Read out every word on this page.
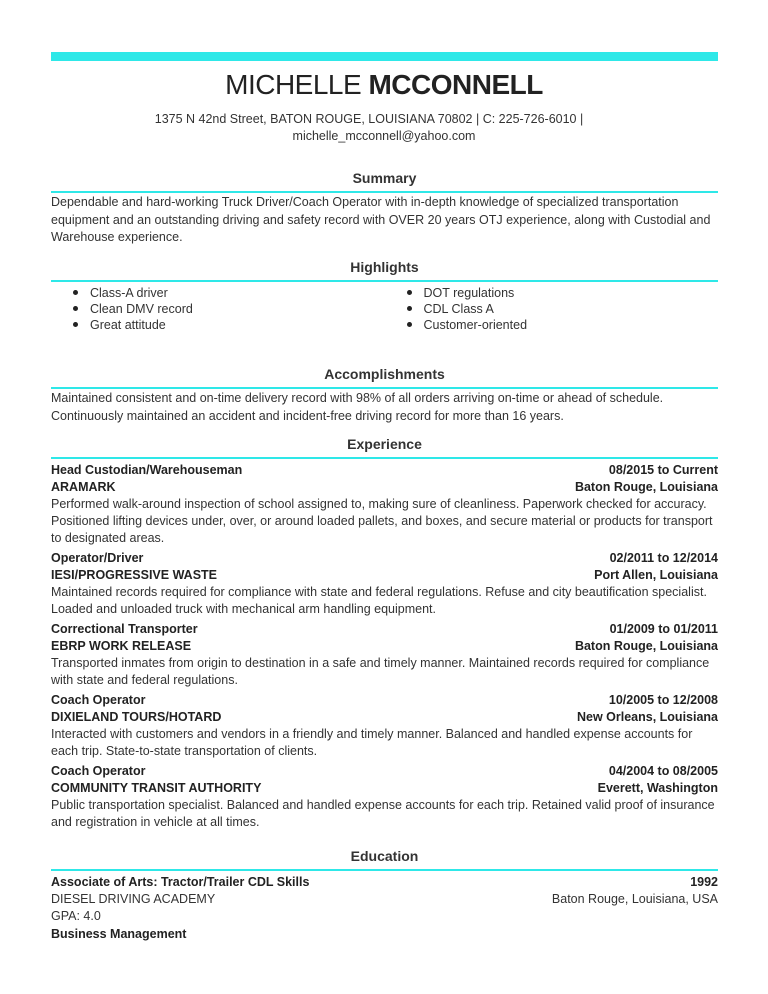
MICHELLE MCCONNELL
1375 N 42nd Street, BATON ROUGE, LOUISIANA 70802 | C: 225-726-6010 |
michelle_mcconnell@yahoo.com
Summary
Dependable and hard-working Truck Driver/Coach Operator with in-depth knowledge of specialized transportation equipment and an outstanding driving and safety record with OVER 20 years OTJ experience, along with Custodial and Warehouse experience.
Highlights
Class-A driver
Clean DMV record
Great attitude
DOT regulations
CDL Class A
Customer-oriented
Accomplishments
Maintained consistent and on-time delivery record with 98% of all orders arriving on-time or ahead of schedule. Continuously maintained an accident and incident-free driving record for more than 16 years.
Experience
Head Custodian/Warehouseman	08/2015 to Current
ARAMARK	Baton Rouge, Louisiana
Performed walk-around inspection of school assigned to, making sure of cleanliness. Paperwork checked for accuracy. Positioned lifting devices under, over, or around loaded pallets, and boxes, and secure material or products for transport to designated areas.
Operator/Driver	02/2011 to 12/2014
IESI/PROGRESSIVE WASTE	Port Allen, Louisiana
Maintained records required for compliance with state and federal regulations. Refuse and city beautification specialist. Loaded and unloaded truck with mechanical arm handling equipment.
Correctional Transporter	01/2009 to 01/2011
EBRP WORK RELEASE	Baton Rouge, Louisiana
Transported inmates from origin to destination in a safe and timely manner. Maintained records required for compliance with state and federal regulations.
Coach Operator	10/2005 to 12/2008
DIXIELAND TOURS/HOTARD	New Orleans, Louisiana
Interacted with customers and vendors in a friendly and timely manner. Balanced and handled expense accounts for each trip. State-to-state transportation of clients.
Coach Operator	04/2004 to 08/2005
COMMUNITY TRANSIT AUTHORITY	Everett, Washington
Public transportation specialist. Balanced and handled expense accounts for each trip. Retained valid proof of insurance and registration in vehicle at all times.
Education
Associate of Arts: Tractor/Trailer CDL Skills	1992
DIESEL DRIVING ACADEMY	Baton Rouge, Louisiana, USA
GPA: 4.0
Business Management
